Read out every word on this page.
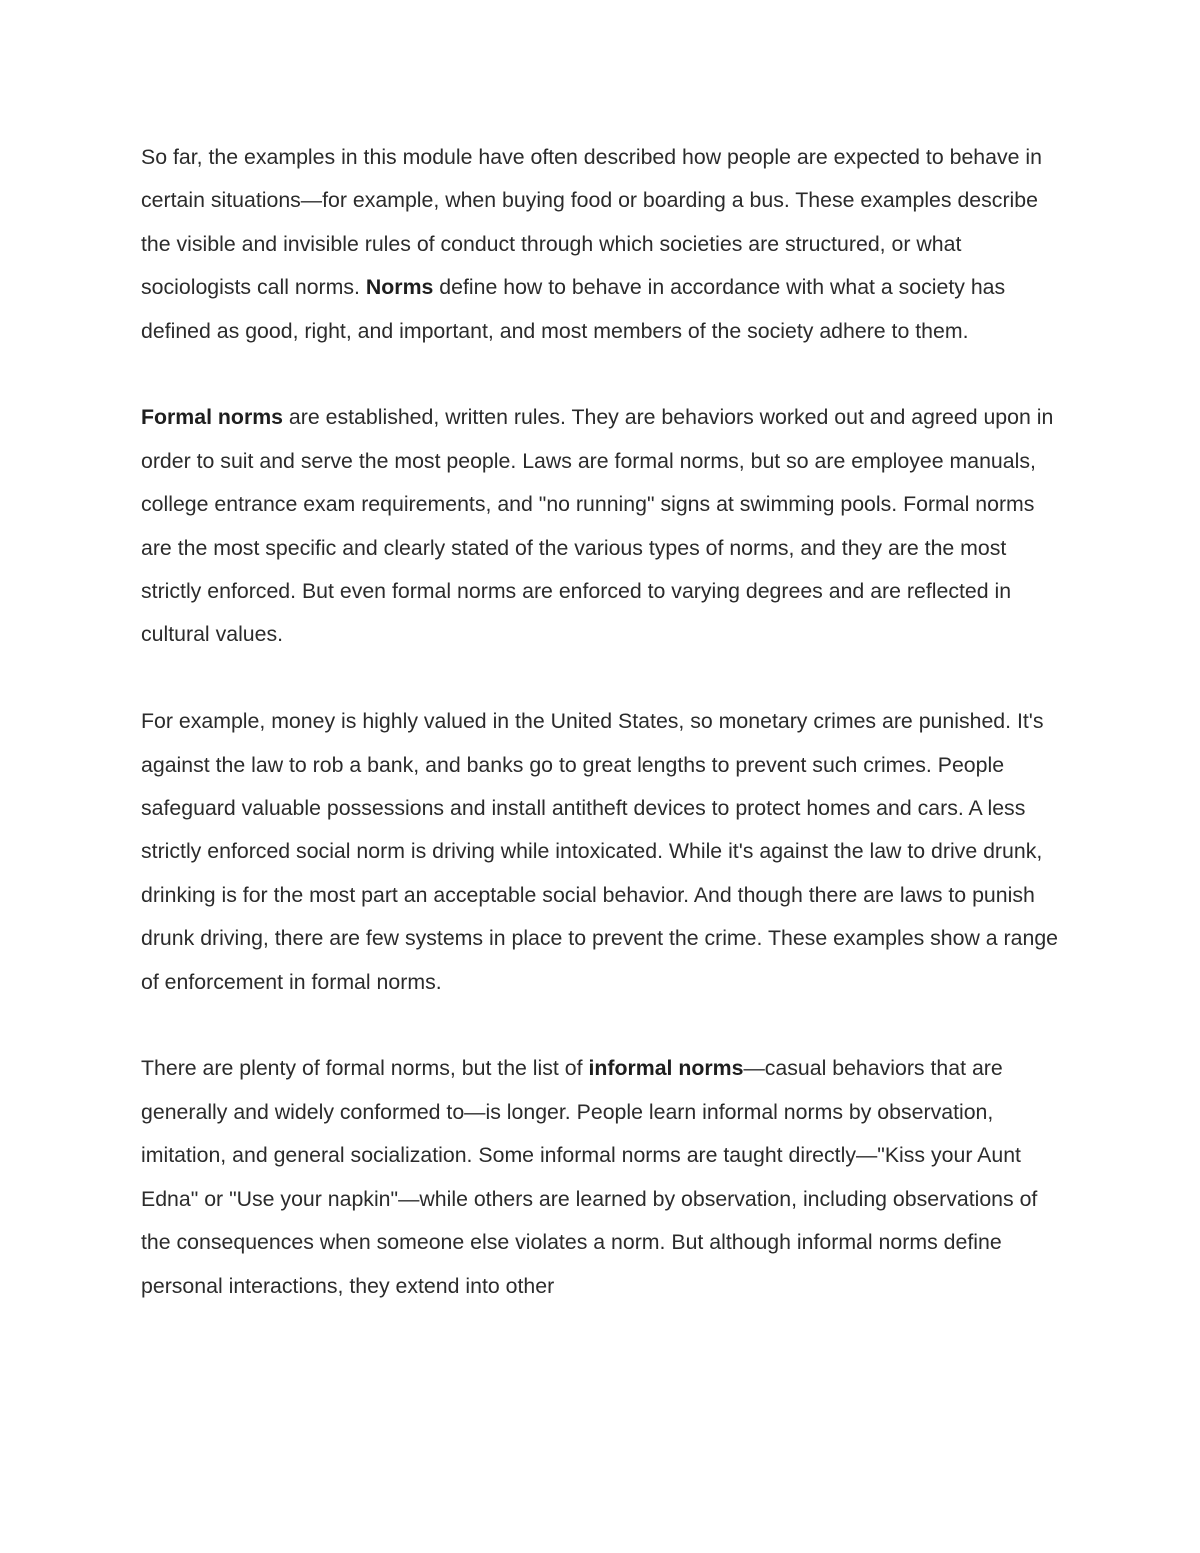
So far, the examples in this module have often described how people are expected to behave in certain situations—for example, when buying food or boarding a bus. These examples describe the visible and invisible rules of conduct through which societies are structured, or what sociologists call norms. Norms define how to behave in accordance with what a society has defined as good, right, and important, and most members of the society adhere to them.

Formal norms are established, written rules. They are behaviors worked out and agreed upon in order to suit and serve the most people. Laws are formal norms, but so are employee manuals, college entrance exam requirements, and "no running" signs at swimming pools. Formal norms are the most specific and clearly stated of the various types of norms, and they are the most strictly enforced. But even formal norms are enforced to varying degrees and are reflected in cultural values.

For example, money is highly valued in the United States, so monetary crimes are punished. It's against the law to rob a bank, and banks go to great lengths to prevent such crimes. People safeguard valuable possessions and install antitheft devices to protect homes and cars. A less strictly enforced social norm is driving while intoxicated. While it's against the law to drive drunk, drinking is for the most part an acceptable social behavior. And though there are laws to punish drunk driving, there are few systems in place to prevent the crime. These examples show a range of enforcement in formal norms.

There are plenty of formal norms, but the list of informal norms—casual behaviors that are generally and widely conformed to—is longer. People learn informal norms by observation, imitation, and general socialization. Some informal norms are taught directly—"Kiss your Aunt Edna" or "Use your napkin"—while others are learned by observation, including observations of the consequences when someone else violates a norm. But although informal norms define personal interactions, they extend into other
